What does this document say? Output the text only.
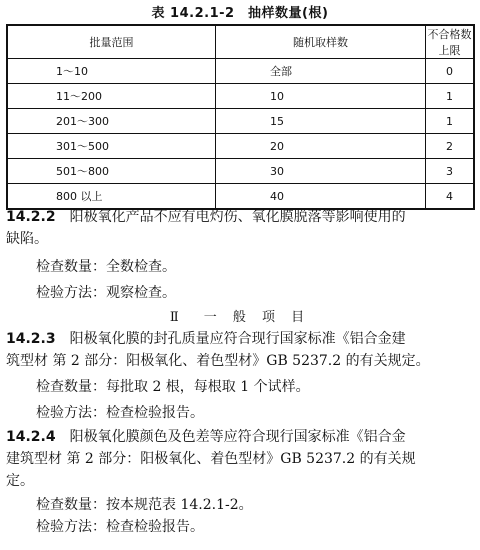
表 14.2.1-2　抽样数量(根)
批量范围	随机取样数	不合格数上限
1～10	全部	0
11～200	10	1
201～300	15	1
301～500	20	2
501～800	30	3
800 以上	40	4
14.2.2 阳极氧化产品不应有电灼伤、氧化膜脱落等影响使用的
缺陷。
检查数量：全数检查。
检验方法：观察检查。
Ⅱ　一 般 项 目
14.2.3 阳极氧化膜的封孔质量应符合现行国家标准《铝合金建
筑型材 第 2 部分：阳极氧化、着色型材》GB 5237.2 的有关规定。
检查数量：每批取 2 根，每根取 1 个试样。
检验方法：检查检验报告。
14.2.4 阳极氧化膜颜色及色差等应符合现行国家标准《铝合金
建筑型材 第 2 部分：阳极氧化、着色型材》GB 5237.2 的有关规
定。
检查数量：按本规范表 14.2.1-2。
检验方法：检查检验报告。
